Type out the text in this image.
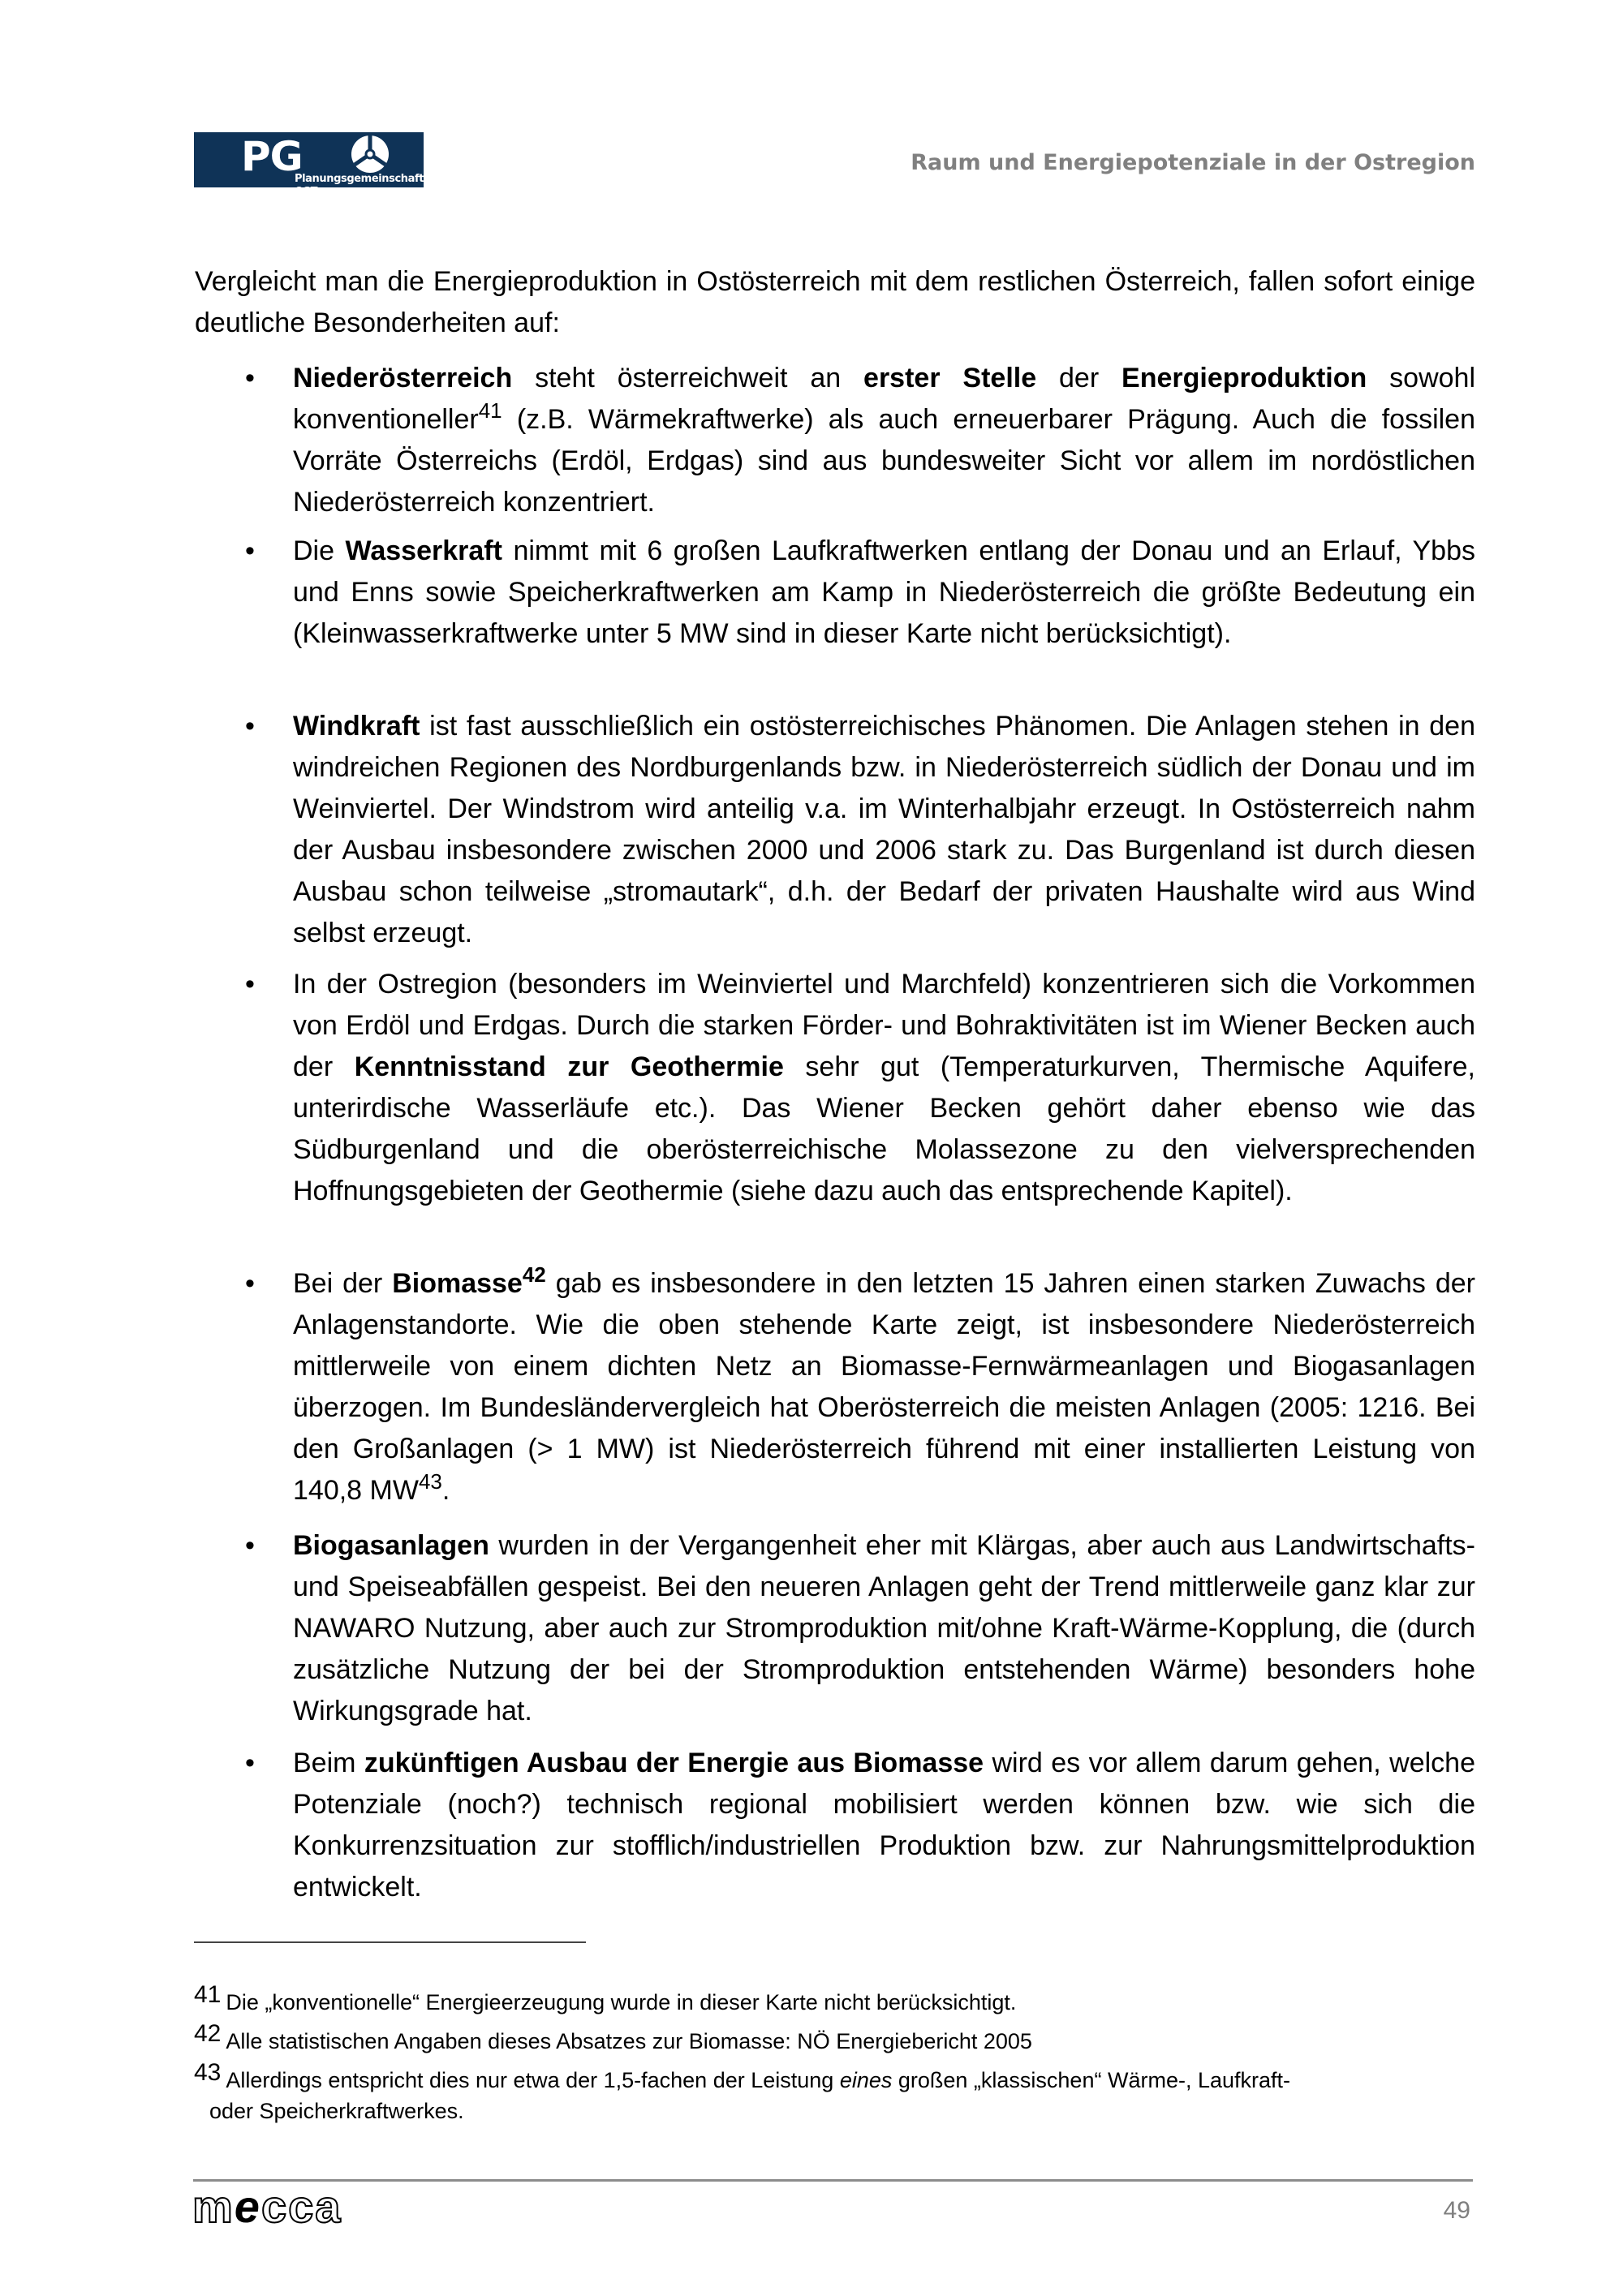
PG
Planungsgemeinschaft OST
Raum und Energiepotenziale in der Ostregion
Vergleicht man die Energieproduktion in Ostösterreich mit dem restlichen Österreich, fallen sofort einige deutliche Besonderheiten auf:
• Niederösterreich steht österreichweit an erster Stelle der Energieproduktion sowohl konventioneller$^{41}$ (z.B. Wärmekraftwerke) als auch erneuerbarer Prägung. Auch die fossilen Vorräte Österreichs (Erdöl, Erdgas) sind aus bundesweiter Sicht vor allem im nordöstlichen Niederösterreich konzentriert.
• Die Wasserkraft nimmt mit 6 großen Laufkraftwerken entlang der Donau und an Erlauf, Ybbs und Enns sowie Speicherkraftwerken am Kamp in Niederösterreich die größte Bedeutung ein (Kleinwasserkraftwerke unter 5 MW sind in dieser Karte nicht berücksichtigt).
• Windkraft ist fast ausschließlich ein ostösterreichisches Phänomen. Die Anlagen stehen in den windreichen Regionen des Nordburgenlands bzw. in Niederösterreich südlich der Donau und im Weinviertel. Der Windstrom wird anteilig v.a. im Winterhalbjahr erzeugt. In Ostösterreich nahm der Ausbau insbesondere zwischen 2000 und 2006 stark zu. Das Burgenland ist durch diesen Ausbau schon teilweise „stromautark“, d.h. der Bedarf der privaten Haushalte wird aus Wind selbst erzeugt.
• In der Ostregion (besonders im Weinviertel und Marchfeld) konzentrieren sich die Vorkommen von Erdöl und Erdgas. Durch die starken Förder- und Bohraktivitäten ist im Wiener Becken auch der Kenntnisstand zur Geothermie sehr gut (Temperaturkurven, Thermische Aquifere, unterirdische Wasserläufe etc.). Das Wiener Becken gehört daher ebenso wie das Südburgenland und die oberösterreichische Molassezone zu den vielversprechenden Hoffnungsgebieten der Geothermie (siehe dazu auch das entsprechende Kapitel).
• Bei der Biomasse$^{42}$ gab es insbesondere in den letzten 15 Jahren einen starken Zuwachs der Anlagenstandorte. Wie die oben stehende Karte zeigt, ist insbesondere Niederösterreich mittlerweile von einem dichten Netz an Biomasse-Fernwärmeanlagen und Biogasanlagen überzogen. Im Bundesländervergleich hat Oberösterreich die meisten Anlagen (2005: 1216. Bei den Großanlagen (> 1 MW) ist Niederösterreich führend mit einer installierten Leistung von 140,8 MW$^{43}$.
• Biogasanlagen wurden in der Vergangenheit eher mit Klärgas, aber auch aus Landwirtschafts- und Speiseabfällen gespeist. Bei den neueren Anlagen geht der Trend mittlerweile ganz klar zur NAWARO Nutzung, aber auch zur Stromproduktion mit/ohne Kraft-Wärme-Kopplung, die (durch zusätzliche Nutzung der bei der Stromproduktion entstehenden Wärme) besonders hohe Wirkungsgrade hat.
• Beim zukünftigen Ausbau der Energie aus Biomasse wird es vor allem darum gehen, welche Potenziale (noch?) technisch regional mobilisiert werden können bzw. wie sich die Konkurrenzsituation zur stofflich/industriellen Produktion bzw. zur Nahrungsmittelproduktion entwickelt.
41 Die „konventionelle“ Energieerzeugung wurde in dieser Karte nicht berücksichtigt.
42 Alle statistischen Angaben dieses Absatzes zur Biomasse: NÖ Energiebericht 2005
43 Allerdings entspricht dies nur etwa der 1,5-fachen der Leistung eines großen „klassischen“ Wärme-, Laufkraft-
oder Speicherkraftwerkes.
mecca	49
